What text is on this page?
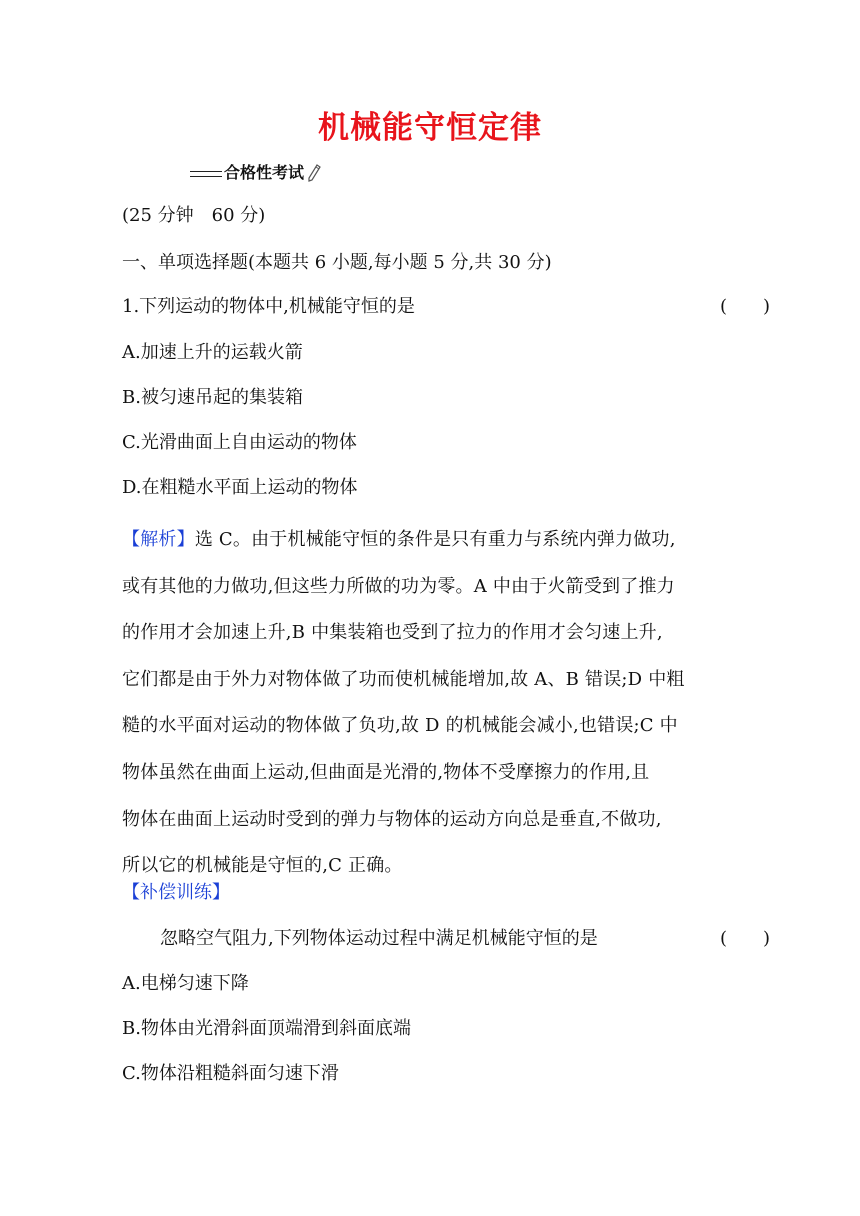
机械能守恒定律
合格性考试
(25 分钟　60 分)
一、单项选择题(本题共 6 小题,每小题 5 分,共 30 分)
1.下列运动的物体中,机械能守恒的是	(　　)
A.加速上升的运载火箭
B.被匀速吊起的集装箱
C.光滑曲面上自由运动的物体
D.在粗糙水平面上运动的物体
【解析】选 C。由于机械能守恒的条件是只有重力与系统内弹力做功,
或有其他的力做功,但这些力所做的功为零。A 中由于火箭受到了推力
的作用才会加速上升,B 中集装箱也受到了拉力的作用才会匀速上升,
它们都是由于外力对物体做了功而使机械能增加,故 A、B 错误;D 中粗
糙的水平面对运动的物体做了负功,故 D 的机械能会减小,也错误;C 中
物体虽然在曲面上运动,但曲面是光滑的,物体不受摩擦力的作用,且
物体在曲面上运动时受到的弹力与物体的运动方向总是垂直,不做功,
所以它的机械能是守恒的,C 正确。
【补偿训练】
忽略空气阻力,下列物体运动过程中满足机械能守恒的是	(　　)
A.电梯匀速下降
B.物体由光滑斜面顶端滑到斜面底端
C.物体沿粗糙斜面匀速下滑
